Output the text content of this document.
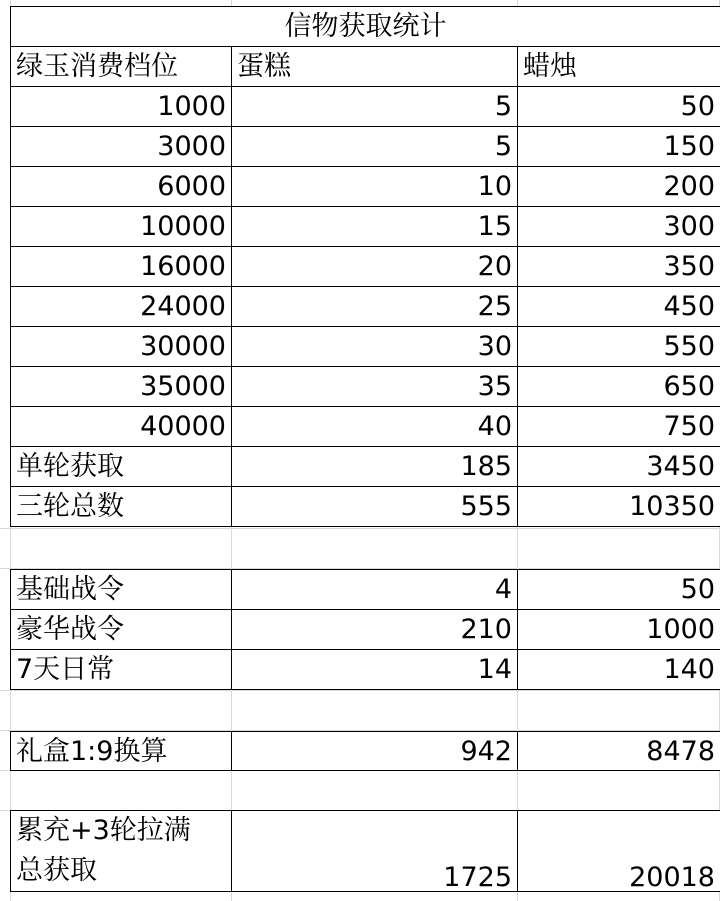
信物获取统计		
绿玉消费档位	蛋糕	蜡烛
1000	5	50
3000	5	150
6000	10	200
10000	15	300
16000	20	350
24000	25	450
30000	30	550
35000	35	650
40000	40	750
单轮获取	185	3450
三轮总数	555	10350
基础战令	4	50
豪华战令	210	1000
7天日常	14	140
礼盒1:9换算	942	8478
累充+3轮拉满
总获取	1725	20018
